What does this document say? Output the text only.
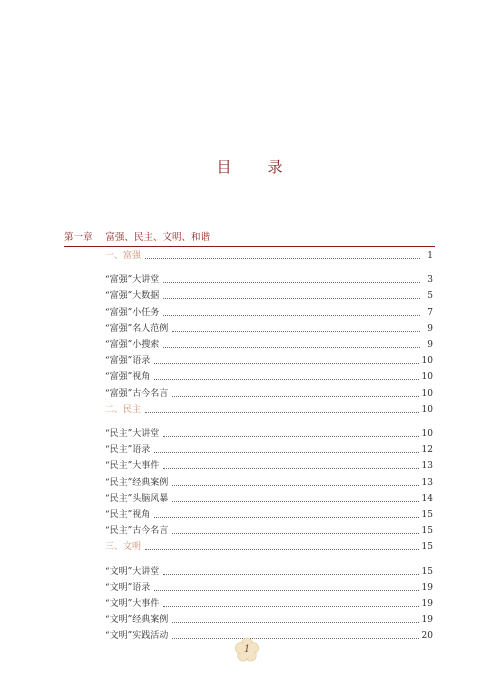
目录
第一章 富强、民主、文明、和谐
一、富强	1
“富强”大讲堂	3
“富强”大数据	5
“富强”小任务	7
“富强”名人范例	9
“富强”小搜索	9
“富强”语录	10
“富强”视角	10
“富强”古今名言	10
二、民主	10
“民主”大讲堂	10
“民主”语录	12
“民主”大事件	13
“民主”经典案例	13
“民主”头脑风暴	14
“民主”视角	15
“民主”古今名言	15
三、文明	15
“文明”大讲堂	15
“文明”语录	19
“文明”大事件	19
“文明”经典案例	19
“文明”实践活动	20
1
